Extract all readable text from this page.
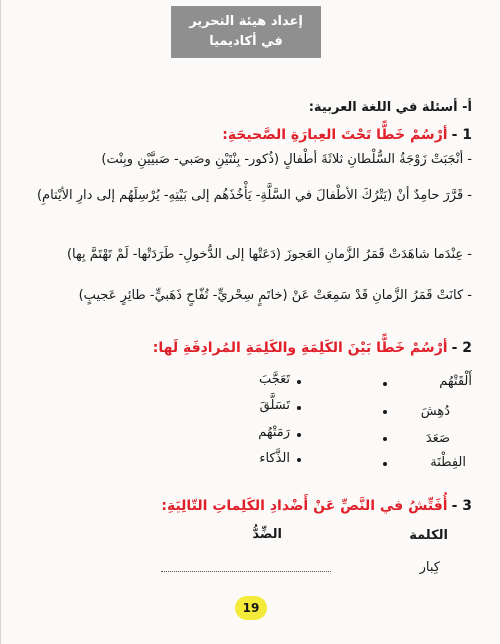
إعداد هيئة التحرير
في أكاديميا
أ- أسئلة في اللغة العربية:
1 -أرْسُمْ خَطًّا تَحْتَ العِبارَةِ الصَّحيحَةِ:
- أنْجَبَتْ زَوْجَةُ السُّلْطانِ ثلاثَةَ أطْفالٍ (ذُكور- بِنْتَيْنِ وصَبي- صَبيَّيْنِ وبِنْت)
- قَرَّرَ حامِدٌ أنْ (يَتْرُكَ الأطْفالَ في السَّلَّةِ- يَأْخُذَهُم إلى بَيْتِهِ- يُرْسِلَهُم إلى دارِ الأيْتامِ)
- عِنْدَما شاهَدَتْ قَمَرُ الزَّمانِ العَجوزَ (دَعَتْها إلى الدُّخولِ- طَرَدَتْها- لَمْ تَهْتَمَّ بِها)
- كانَتْ قَمَرُ الزَّمانِ قَدْ سَمِعَتْ عَنْ (خاتَمٍ سِحْريٍّ- تُفّاحٍ ذَهَبيٍّ- طائِرٍ عَجيبٍ)
2 -أرْسُمْ خَطًّا بَيْنَ الكَلِمَةِ والكَلِمَةِ المُرادِفَةِ لَها:
أَلْقَتْهُم
دُهِشَ
صَعَدَ
الفِطْنَة
تَعَجَّبَ
تَسَلَّقَ
رَمَتْهُم
الذَّكاء
3 -أُفَتِّشُ في النَّصِّ عَنْ أَضْدادِ الكَلِماتِ التّالِيَةِ:
الكلمة
الضِّدُّ
كِبار
19
